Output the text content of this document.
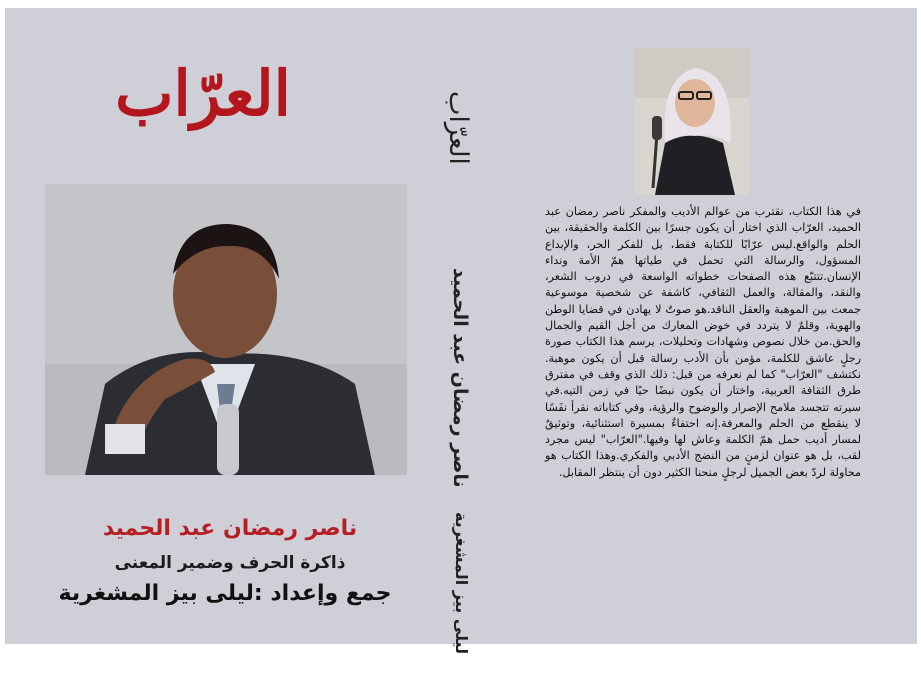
العرّاب
ناصر رمضان عبد الحميد
ذاكرة الحرف وضمير المعنى
جمع وإعداد :ليلى بيز المشغرية
العرّاب
ناصر رمضان عبد الحميد
ليلى بيز المشغرية
في هذا الكتاب، نقترب من عوالم الأديب والمفكر ناصر رمضان عبد الحميد، العرّاب الذي اختار أن يكون جسرًا بين الكلمة والحقيقة، بين الحلم والواقع.ليس عرّابًا للكتابة فقط، بل للفكر الحر، والإبداع المسؤول، والرسالة التي تحمل في طياتها همّ الأمة ونداء الإنسان.تتتبّع هذه الصفحات خطواته الواسعة في دروب الشعر، والنقد، والمقالة، والعمل الثقافي، كاشفة عن شخصية موسوعية جمعت بين الموهبة والعقل الناقد.هو صوتٌ لا يهادن في قضايا الوطن والهوية، وقلمٌ لا يتردد في خوض المعارك من أجل القيم والجمال والحق.من خلال نصوص وشهادات وتحليلات، يرسم هذا الكتاب صورة رجلٍ عاشق للكلمة، مؤمن بأن الأدب رسالة قبل أن يكون موهبة. نكتشف "العرّاب" كما لم نعرفه من قبل: ذلك الذي وقف في مفترق طرق الثقافة العربية، واختار أن يكون نبضًا حيًا في زمن التيه.في سيرته تتجسد ملامح الإصرار والوضوح والرؤية، وفي كتاباته نقرأ نفَسًا لا ينقطع من الحلم والمعرفة.إنه احتفاءٌ بمسيرة استثنائية، وتوثيقٌ لمسار أديب حمل همّ الكلمة وعاش لها وفيها."العرّاب" ليس مجرد لقب، بل هو عنوان لزمنٍ من النضج الأدبي والفكري.وهذا الكتاب هو محاولة لردّ بعض الجميل لرجلٍ منحنا الكثير دون أن ينتظر المقابل.
